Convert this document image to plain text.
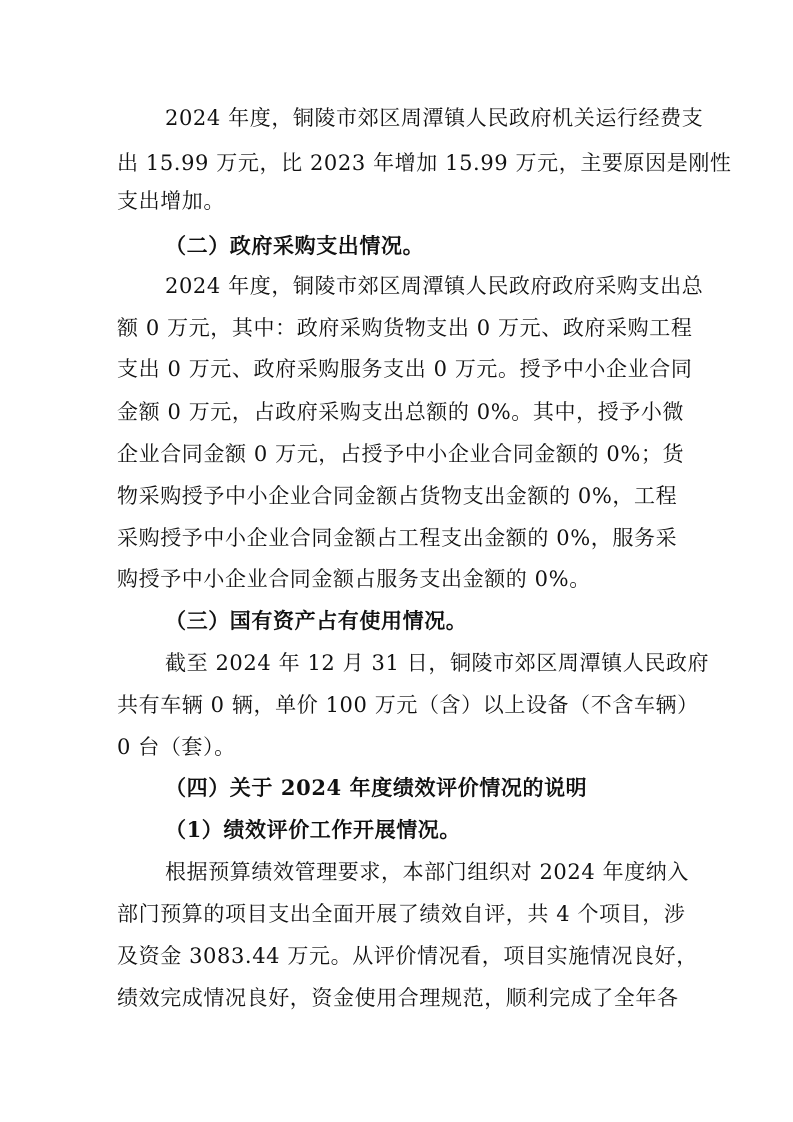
2024 年度，铜陵市郊区周潭镇人民政府机关运行经费支
出 15.99 万元，比 2023 年增加 15.99 万元，主要原因是刚性
支出增加。
（二）政府采购支出情况。
2024 年度，铜陵市郊区周潭镇人民政府政府采购支出总
额 0 万元，其中：政府采购货物支出 0 万元、政府采购工程
支出 0 万元、政府采购服务支出 0 万元。授予中小企业合同
金额 0 万元，占政府采购支出总额的 0%。其中，授予小微
企业合同金额 0 万元，占授予中小企业合同金额的 0%；货
物采购授予中小企业合同金额占货物支出金额的 0%，工程
采购授予中小企业合同金额占工程支出金额的 0%，服务采
购授予中小企业合同金额占服务支出金额的 0%。
（三）国有资产占有使用情况。
截至 2024 年 12 月 31 日，铜陵市郊区周潭镇人民政府
共有车辆 0 辆，单价 100 万元（含）以上设备（不含车辆）
0 台（套）。
（四）关于 2024 年度绩效评价情况的说明
（1）绩效评价工作开展情况。
根据预算绩效管理要求，本部门组织对 2024 年度纳入
部门预算的项目支出全面开展了绩效自评，共 4 个项目，涉
及资金 3083.44 万元。从评价情况看，项目实施情况良好，
绩效完成情况良好，资金使用合理规范，顺利完成了全年各
